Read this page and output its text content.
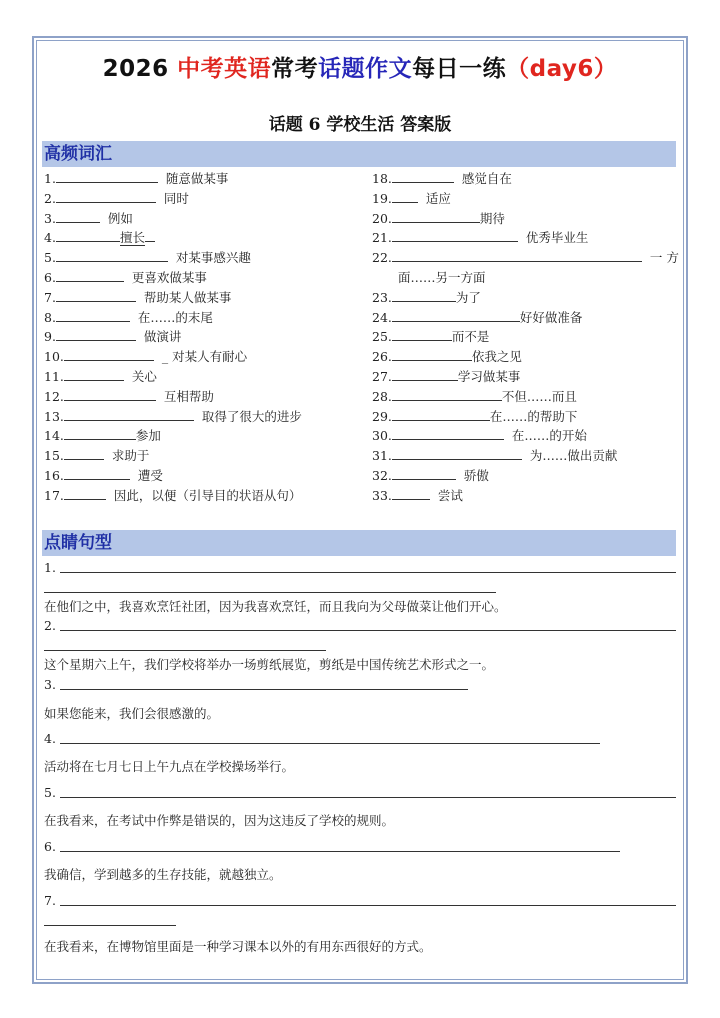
2026 中考英语常考话题作文每日一练（day6）
话题 6 学校生活 答案版
高频词汇
1.	随意做某事
2.	同时
3.	例如
4.	擅长
5.	对某事感兴趣
6.	更喜欢做某事
7.	帮助某人做某事
8.	在……的末尾
9.	做演讲
10.	_ 对某人有耐心
11.	关心
12.	互相帮助
13.	取得了很大的进步
14.	参加
15.	求助于
16.	遭受
17.	因此，以便（引导目的状语从句）
18.	感觉自在
19.	适应
20.	期待
21.	优秀毕业生
22.	一 方
面……另一方面
23.	为了
24.	好好做准备
25.	而不是
26.	依我之见
27.	学习做某事
28.	不但……而且
29.	在……的帮助下
30.	在……的开始
31.	为……做出贡献
32.	骄傲
33.	尝试
点睛句型
1.
在他们之中，我喜欢烹饪社团，因为我喜欢烹饪，而且我向为父母做菜让他们开心。
2.
这个星期六上午，我们学校将举办一场剪纸展览，剪纸是中国传统艺术形式之一。
3.
如果您能来，我们会很感激的。
4.
活动将在七月七日上午九点在学校操场举行。
5.
在我看来，在考试中作弊是错误的，因为这违反了学校的规则。
6.
我确信，学到越多的生存技能，就越独立。
7.
在我看来，在博物馆里面是一种学习课本以外的有用东西很好的方式。
